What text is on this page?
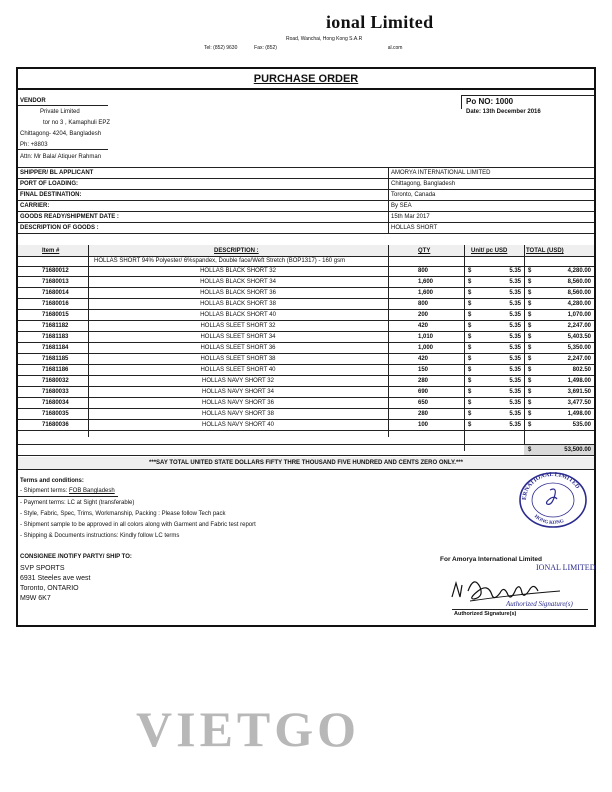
ional Limited
Road, Wanchai, Hong Kong S.A.R
Tel: (852) 9630	Fax: (852)	al.com
PURCHASE ORDER
VENDOR
Private Limited
tor no 3 , Kamaphuli EPZ
Chittagong- 4204, Bangladesh
Ph: +8803
Attn: Mr Bala/ Atiquer Rahman
Po NO: 1000
Date: 13th December 2016
SHIPPER/ BL APPLICANT	AMORYA INTERNATIONAL LIMITED
PORT OF LOADING:	Chittagong, Bangladesh
FINAL DESTINATION:	Toronto, Canada
CARRIER:	By SEA
GOODS READY/SHIPMENT DATE :	15th Mar 2017
DESCRIPTION OF GOODS :	HOLLAS SHORT
Item #	DESCRIPTION :	QTY	Unit/ pc USD	TOTAL (USD)
HOLLAS SHORT 94% Polyester/ 6%spandex, Double face/Weft Stretch (BOP1317) - 160 gsm
71680012	HOLLAS BLACK SHORT 32	800	$	5.35 $	4,280.00
71680013	HOLLAS BLACK SHORT 34	1,600	$	5.35 $	8,560.00
71680014	HOLLAS BLACK SHORT 36	1,600	$	5.35 $	8,560.00
71680016	HOLLAS BLACK SHORT 38	800	$	5.35 $	4,280.00
71680015	HOLLAS BLACK SHORT 40	200	$	5.35 $	1,070.00
71681182	HOLLAS SLEET SHORT 32	420	$	5.35 $	2,247.00
71681183	HOLLAS SLEET SHORT 34	1,010	$	5.35 $	5,403.50
71681184	HOLLAS SLEET SHORT 36	1,000	$	5.35 $	5,350.00
71681185	HOLLAS SLEET SHORT 38	420	$	5.35 $	2,247.00
71681186	HOLLAS SLEET SHORT 40	150	$	5.35 $	802.50
71680032	HOLLAS NAVY SHORT 32	280	$	5.35 $	1,498.00
71680033	HOLLAS NAVY SHORT 34	690	$	5.35 $	3,691.50
71680034	HOLLAS NAVY SHORT 36	650	$	5.35 $	3,477.50
71680035	HOLLAS NAVY SHORT 38	280	$	5.35 $	1,498.00
71680036	HOLLAS NAVY SHORT 40	100	$	5.35 $	535.00
$	53,500.00
***SAY TOTAL UNITED STATE DOLLARS FIFTY THRE THOUSAND FIVE HUNDRED AND CENTS ZERO ONLY.***
Terms and conditions:
- Shipment terms: FOB Bangladesh
- Payment terms: LC at Sight (transferable)
- Style, Fabric, Spec, Trims, Workmanship, Packing : Please follow Tech pack
- Shipment sample to be approved in all colors along with Garment and Fabric test report
- Shipping & Documents instructions: Kindly follow LC terms
CONSIGNEE /NOTIFY PARTY/ SHIP TO:
SVP SPORTS
6931 Steeles ave west
Toronto, ONTARIO
M9W 6K7
ERNATIONAL LIMITED
HONG KONG
For Amorya International Limited
IONAL LIMITED
Authorized Signature(s)
Authorized Signature(s)
VIETGO
